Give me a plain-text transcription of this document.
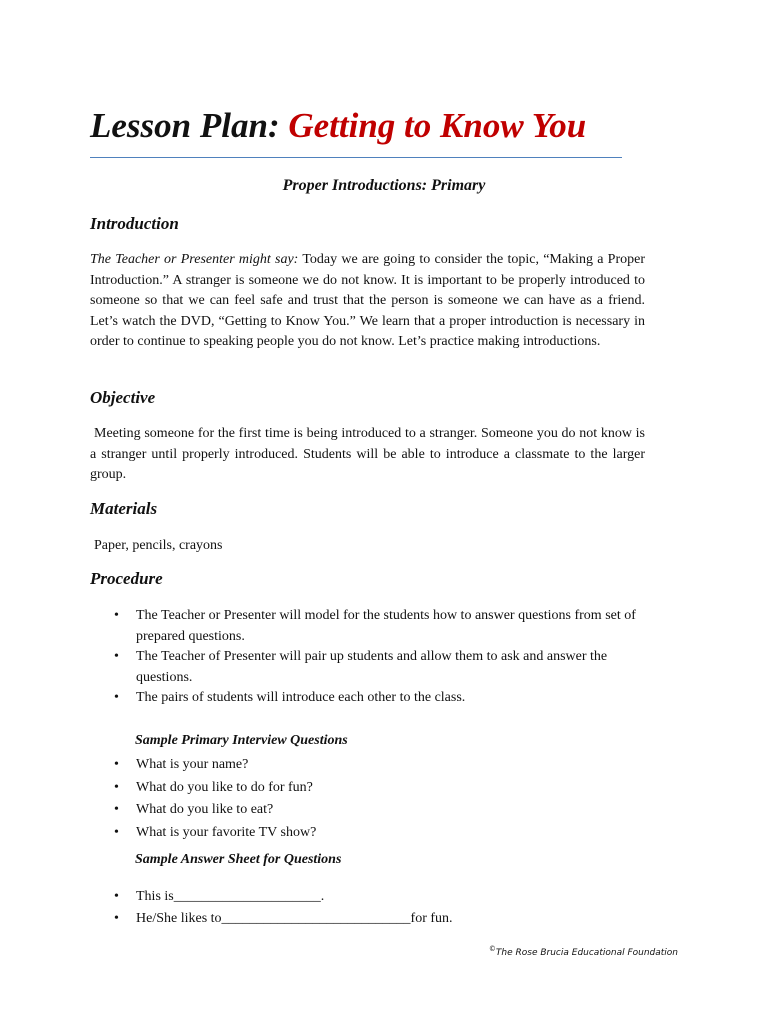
Lesson Plan: Getting to Know You
Proper Introductions: Primary
Introduction
The Teacher or Presenter might say: Today we are going to consider the topic, “Making a Proper Introduction.” A stranger is someone we do not know. It is important to be properly introduced to someone so that we can feel safe and trust that the person is someone we can have as a friend. Let’s watch the DVD, “Getting to Know You.” We learn that a proper introduction is necessary in order to continue to speaking people you do not know. Let’s practice making introductions.
Objective
Meeting someone for the first time is being introduced to a stranger. Someone you do not know is a stranger until properly introduced. Students will be able to introduce a classmate to the larger group.
Materials
Paper, pencils, crayons
Procedure
• The Teacher or Presenter will model for the students how to answer questions from set of prepared questions.
• The Teacher of Presenter will pair up students and allow them to ask and answer the questions.
• The pairs of students will introduce each other to the class.
Sample Primary Interview Questions
• What is your name?
• What do you like to do for fun?
• What do you like to eat?
• What is your favorite TV show?
Sample Answer Sheet for Questions
• This is_____________________.
• He/She likes to___________________________for fun.
©The Rose Brucia Educational Foundation
